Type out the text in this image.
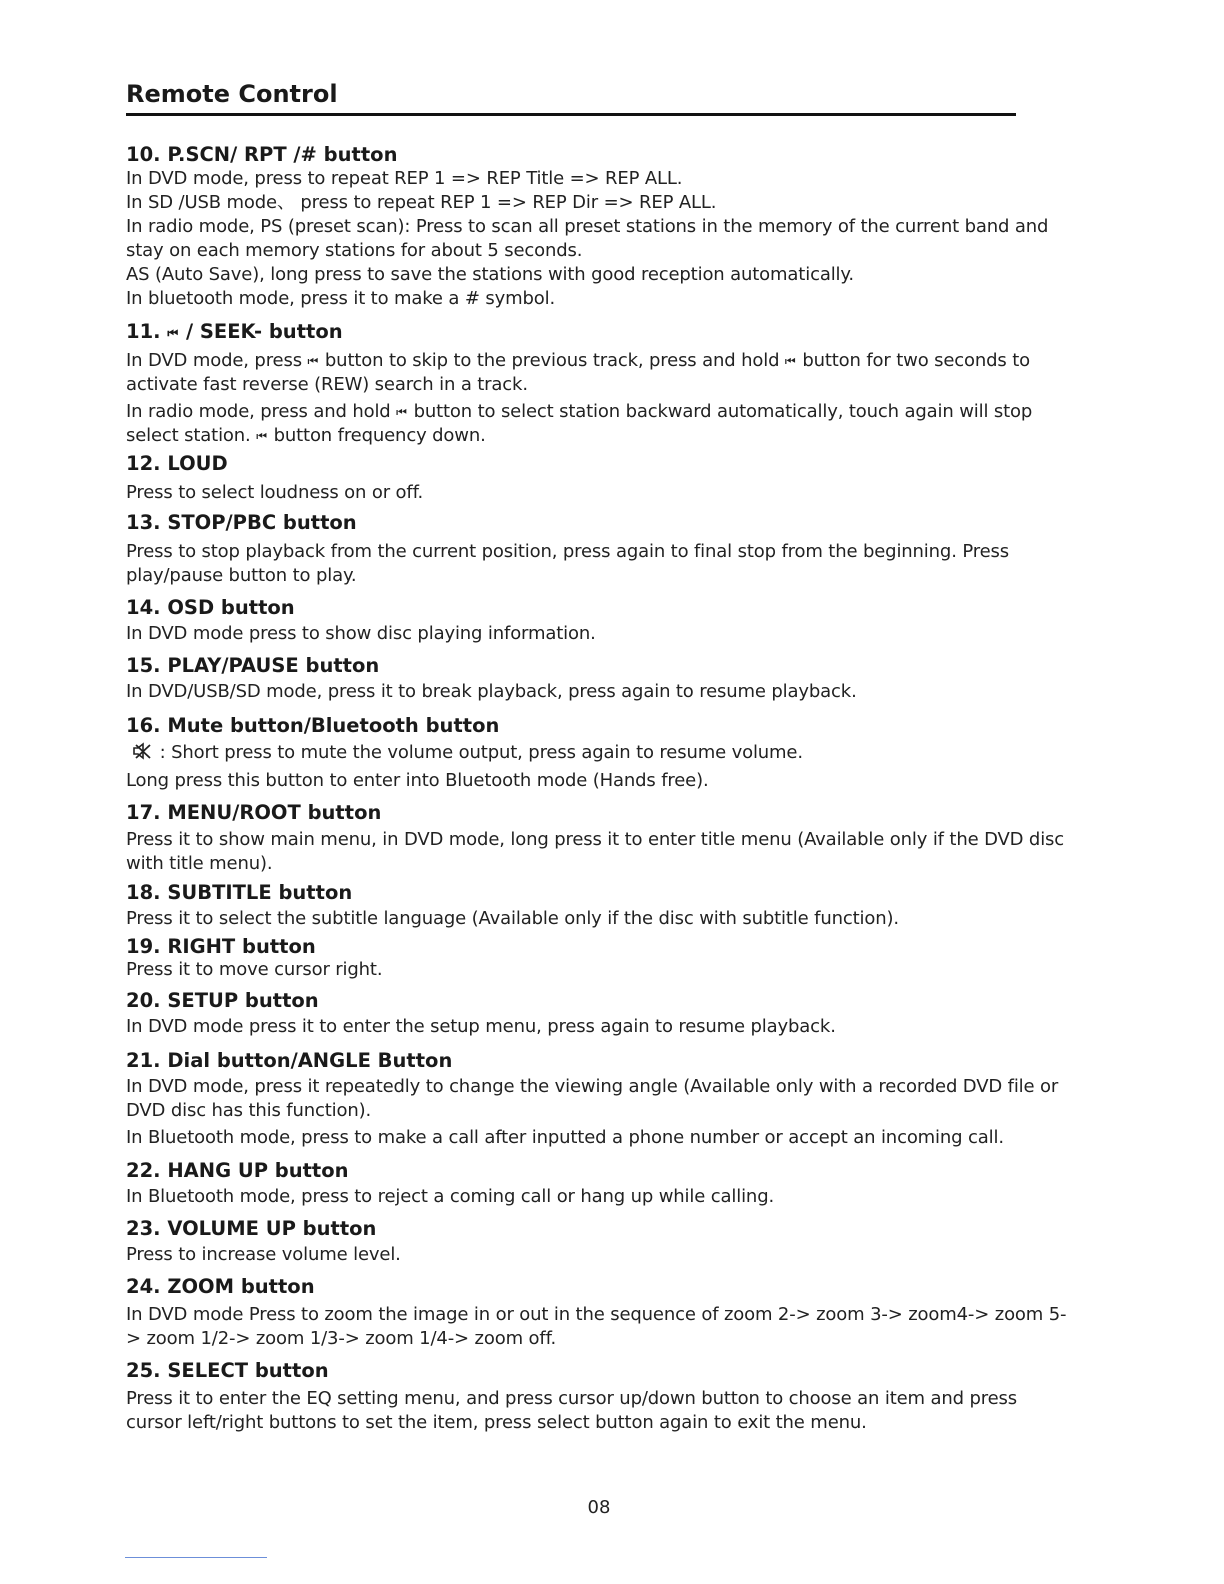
Remote Control
10. P.SCN/ RPT /# button
In DVD mode, press to repeat REP 1 => REP Title => REP ALL.
In SD /USB mode、 press to repeat REP 1 => REP Dir => REP ALL.
In radio mode, PS (preset scan): Press to scan all preset stations in the memory of the current band and stay on each memory stations for about 5 seconds.
AS (Auto Save), long press to save the stations with good reception automatically.
In bluetooth mode, press it to make a # symbol.
11. ⏮ / SEEK- button
In DVD mode, press ⏮ button to skip to the previous track, press and hold ⏮ button for two seconds to activate fast reverse (REW) search in a track.
In radio mode, press and hold ⏮ button to select station backward automatically, touch again will stop select station. ⏮ button frequency down.
12. LOUD
Press to select loudness on or off.
13. STOP/PBC button
Press to stop playback from the current position, press again to final stop from the beginning. Press play/pause button to play.
14. OSD button
In DVD mode press to show disc playing information.
15. PLAY/PAUSE button
In DVD/USB/SD mode, press it to break playback, press again to resume playback.
16. Mute button/Bluetooth button
: Short press to mute the volume output, press again to resume volume.
Long press this button to enter into Bluetooth mode (Hands free).
17. MENU/ROOT button
Press it to show main menu, in DVD mode, long press it to enter title menu (Available only if the DVD disc with title menu).
18. SUBTITLE button
Press it to select the subtitle language (Available only if the disc with subtitle function).
19. RIGHT button
Press it to move cursor right.
20. SETUP button
In DVD mode press it to enter the setup menu, press again to resume playback.
21. Dial button/ANGLE Button
In DVD mode, press it repeatedly to change the viewing angle (Available only with a recorded DVD file or DVD disc has this function).
In Bluetooth mode, press to make a call after inputted a phone number or accept an incoming call.
22. HANG UP button
In Bluetooth mode, press to reject a coming call or hang up while calling.
23. VOLUME UP button
Press to increase volume level.
24. ZOOM button
In DVD mode Press to zoom the image in or out in the sequence of zoom 2-> zoom 3-> zoom4-> zoom 5-> zoom 1/2-> zoom 1/3-> zoom 1/4-> zoom off.
25. SELECT button
Press it to enter the EQ setting menu, and press cursor up/down button to choose an item and press cursor left/right buttons to set the item, press select button again to exit the menu.
08
